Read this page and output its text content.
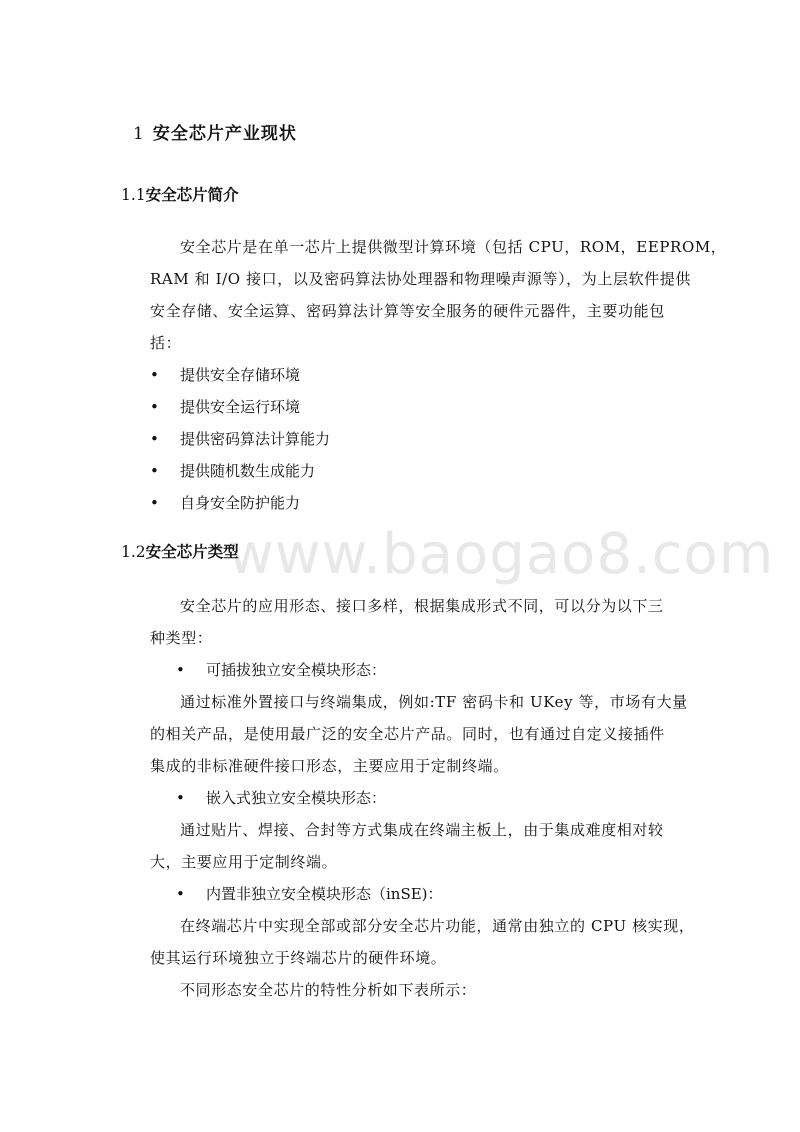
www.baogao8.com
1 安全芯片产业现状
1.1安全芯片简介
安全芯片是在单一芯片上提供微型计算环境（包括 CPU，ROM，EEPROM，
RAM 和 I/O 接口，以及密码算法协处理器和物理噪声源等），为上层软件提供
安全存储、安全运算、密码算法计算等安全服务的硬件元器件，主要功能包
括：
• 提供安全存储环境
• 提供安全运行环境
• 提供密码算法计算能力
• 提供随机数生成能力
• 自身安全防护能力
1.2安全芯片类型
安全芯片的应用形态、接口多样，根据集成形式不同，可以分为以下三
种类型：
• 可插拔独立安全模块形态：
通过标准外置接口与终端集成，例如:TF 密码卡和 UKey 等，市场有大量
的相关产品，是使用最广泛的安全芯片产品。同时，也有通过自定义接插件
集成的非标准硬件接口形态，主要应用于定制终端。
• 嵌入式独立安全模块形态：
通过贴片、焊接、合封等方式集成在终端主板上，由于集成难度相对较
大，主要应用于定制终端。
• 内置非独立安全模块形态（inSE)：
在终端芯片中实现全部或部分安全芯片功能，通常由独立的 CPU 核实现，
使其运行环境独立于终端芯片的硬件环境。
不同形态安全芯片的特性分析如下表所示：
